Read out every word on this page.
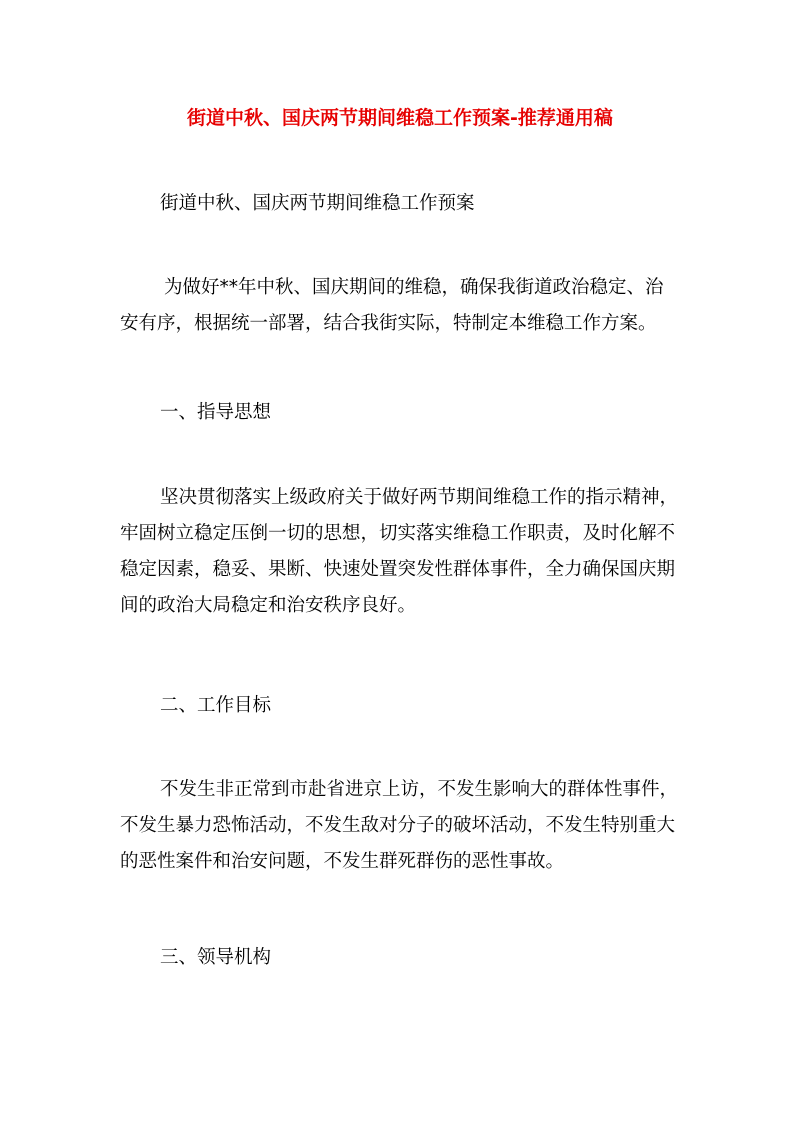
街道中秋、国庆两节期间维稳工作预案-推荐通用稿

街道中秋、国庆两节期间维稳工作预案

为做好**年中秋、国庆期间的维稳，确保我街道政治稳定、治
安有序，根据统一部署，结合我街实际，特制定本维稳工作方案。

一、指导思想

坚决贯彻落实上级政府关于做好两节期间维稳工作的指示精神，
牢固树立稳定压倒一切的思想，切实落实维稳工作职责，及时化解不
稳定因素，稳妥、果断、快速处置突发性群体事件，全力确保国庆期
间的政治大局稳定和治安秩序良好。

二、工作目标

不发生非正常到市赴省进京上访，不发生影响大的群体性事件，
不发生暴力恐怖活动，不发生敌对分子的破坏活动，不发生特别重大
的恶性案件和治安问题，不发生群死群伤的恶性事故。

三、领导机构
